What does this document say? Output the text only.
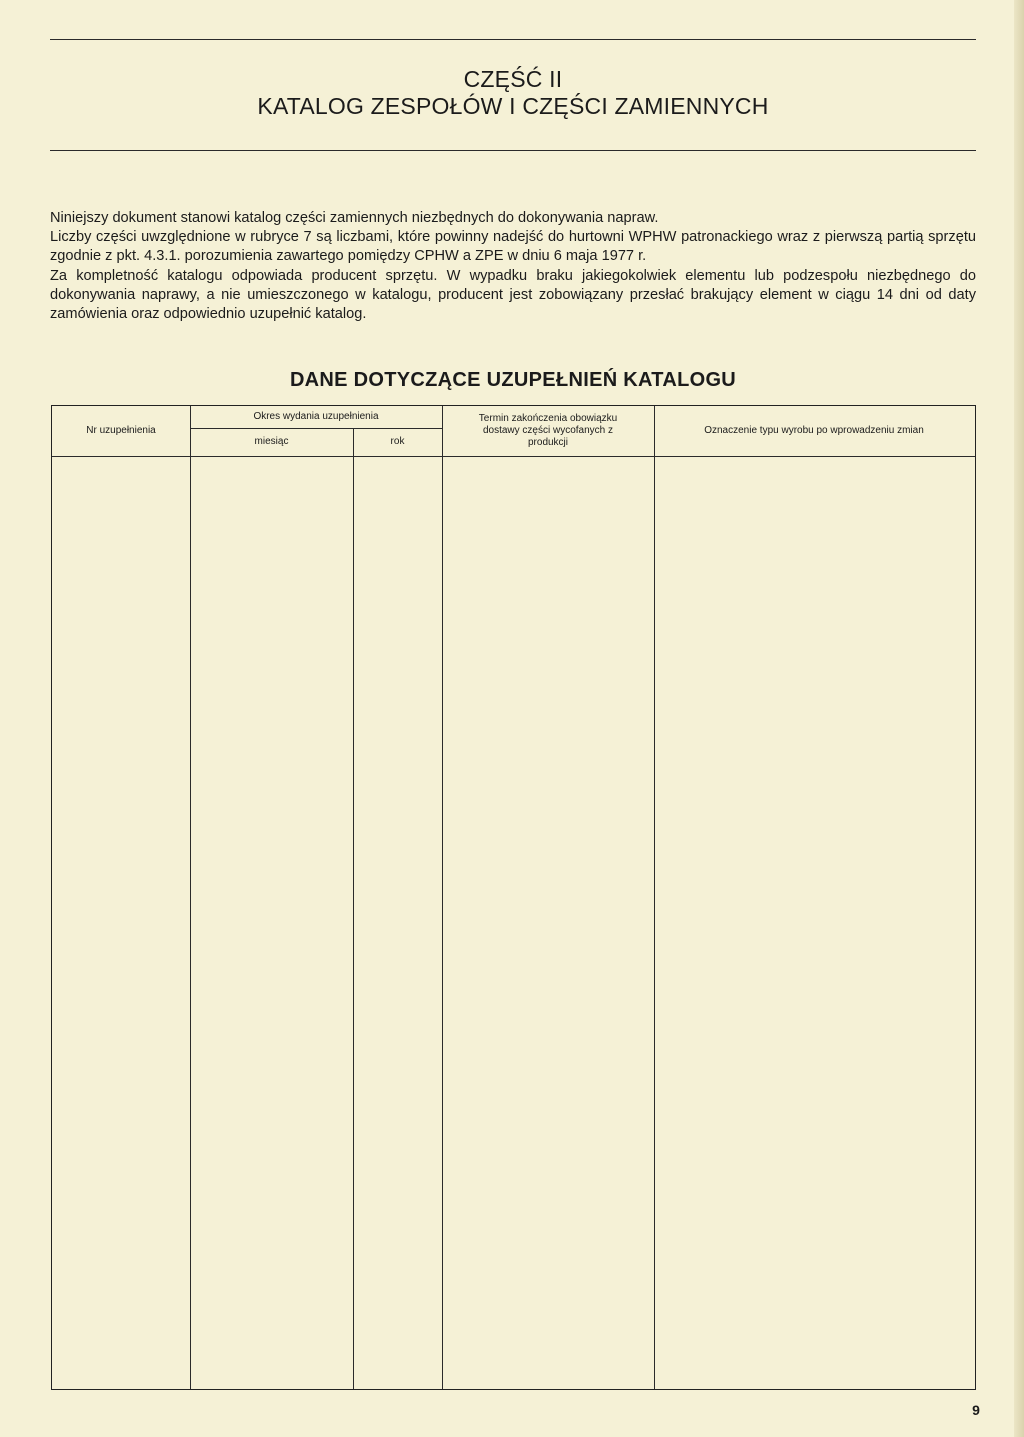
CZĘŚĆ II
KATALOG ZESPOŁÓW I CZĘŚCI ZAMIENNYCH

Niniejszy dokument stanowi katalog części zamiennych niezbędnych do dokonywania napraw.

Liczby części uwzględnione w rubryce 7 są liczbami, które powinny nadejść do hurtowni WPHW patronackiego wraz z pierwszą partią sprzętu zgodnie z pkt. 4.3.1. porozumienia zawartego pomiędzy CPHW a ZPE w dniu 6 maja 1977 r.

Za kompletność katalogu odpowiada producent sprzętu. W wypadku braku jakiegokolwiek elementu lub podzespołu niezbędnego do dokonywania naprawy, a nie umieszczonego w katalogu, producent jest zobowiązany przesłać brakujący element w ciągu 14 dni od daty zamówienia oraz odpowiednio uzupełnić katalog.

DANE DOTYCZĄCE UZUPEŁNIEŃ KATALOGU
Nr uzupełnienia
Okres wydania uzupełnienia
miesiąc	rok
Termin zakończenia obowiązku dostawy części wycofanych z produkcji
Oznaczenie typu wyrobu po wprowadzeniu zmian
9
